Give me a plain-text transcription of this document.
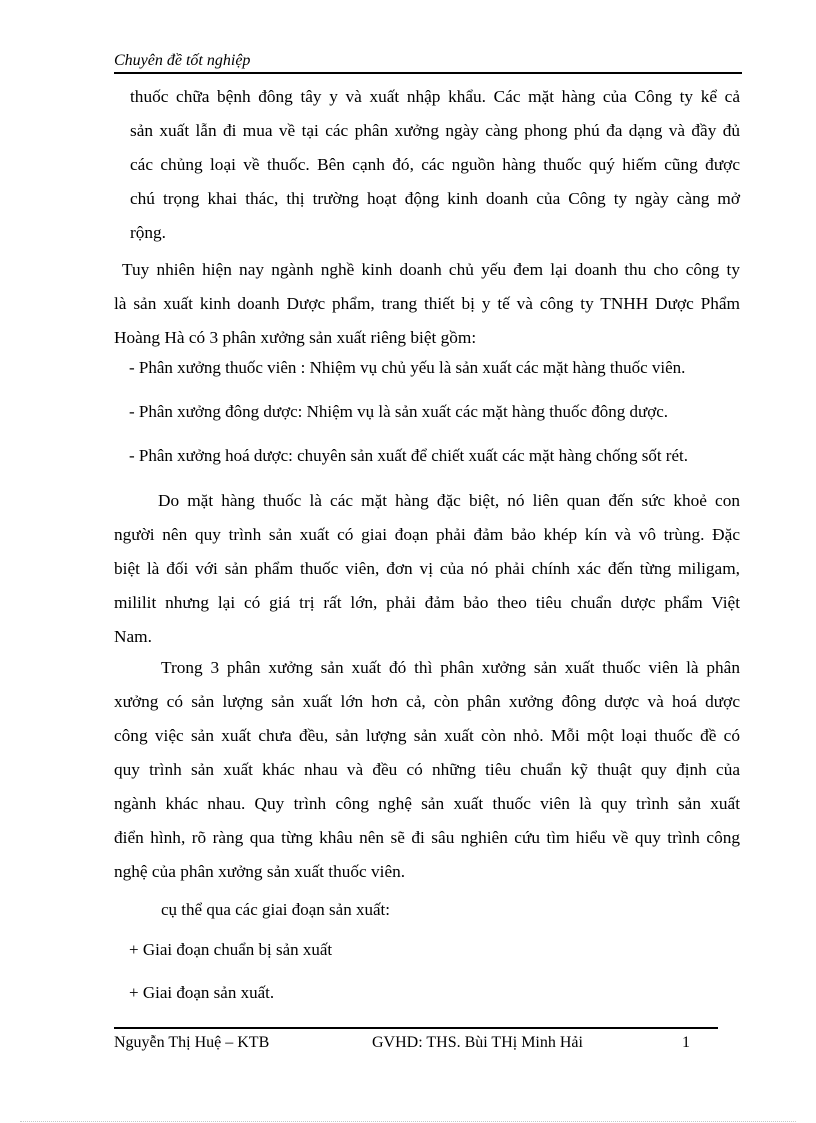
Chuyên đề tốt nghiệp

thuốc chữa bệnh đông tây y và xuất nhập khẩu. Các mặt hàng của Công ty kể cả
sản xuất lẫn đi mua về tại các phân xưởng ngày càng phong phú đa dạng và đầy đủ
các chủng loại về thuốc. Bên cạnh đó, các nguồn hàng thuốc quý hiếm cũng được
chú trọng khai thác, thị trường hoạt động kinh doanh của Công ty ngày càng mở
rộng.

Tuy nhiên hiện nay ngành nghề kinh doanh chủ yếu đem lại doanh thu cho công ty
là sản xuất kinh doanh Dược phẩm, trang thiết bị y tế và công ty TNHH Dược Phẩm
Hoàng Hà có 3 phân xưởng sản xuất riêng biệt gồm:

- Phân xưởng thuốc viên : Nhiệm vụ chủ yếu là sản xuất các mặt hàng thuốc viên.
- Phân xưởng đông dược: Nhiệm vụ là sản xuất các mặt hàng thuốc đông dược.
- Phân xưởng hoá dược: chuyên sản xuất để chiết xuất các mặt hàng chống sốt rét.

Do mặt hàng thuốc là các mặt hàng đặc biệt, nó liên quan đến sức khoẻ con
người nên quy trình sản xuất có giai đoạn phải đảm bảo khép kín và vô trùng. Đặc
biệt là đối với sản phẩm thuốc viên, đơn vị của nó phải chính xác đến từng miligam,
mililit nhưng lại có giá trị rất lớn, phải đảm bảo theo tiêu chuẩn dược phẩm Việt
Nam.

Trong 3 phân xưởng sản xuất đó thì phân xưởng sản xuất thuốc viên là phân
xưởng có sản lượng sản xuất lớn hơn cả, còn phân xưởng đông dược và hoá dược
công việc sản xuất chưa đều, sản lượng sản xuất còn nhỏ. Mỗi một loại thuốc đề có
quy trình sản xuất khác nhau và đều có những tiêu chuẩn kỹ thuật quy định của
ngành khác nhau. Quy trình công nghệ sản xuất thuốc viên là quy trình sản xuất
điển hình, rõ ràng qua từng khâu nên sẽ đi sâu nghiên cứu tìm hiểu về quy trình công
nghệ của phân xưởng sản xuất thuốc viên.

cụ thể qua các giai đoạn sản xuất:
+ Giai đoạn chuẩn bị sản xuất
+ Giai đoạn sản xuất.
Nguyễn Thị Huệ – KTB	GVHD: THS. Bùi THị Minh Hải	1
